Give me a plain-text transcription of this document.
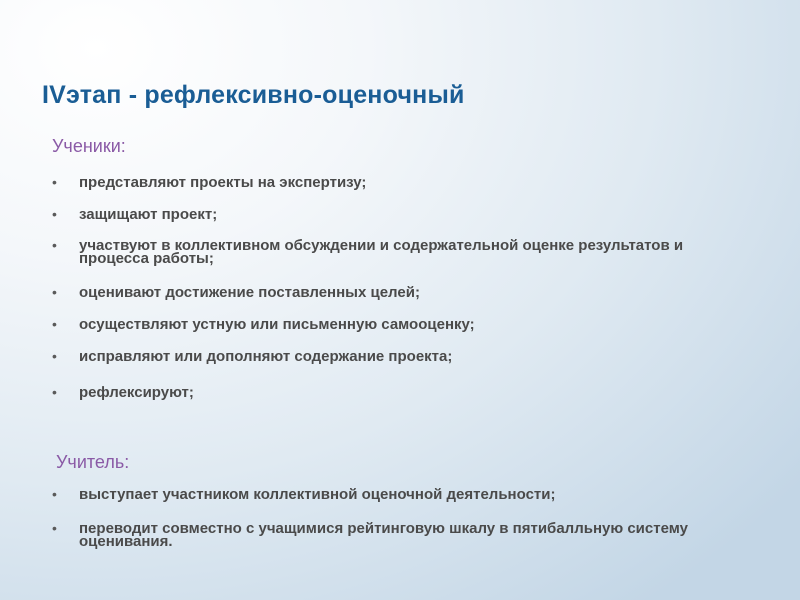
IVэтап - рефлексивно-оценочный
Ученики:
• представляют проекты на экспертизу;
• защищают проект;
• участвуют в коллективном обсуждении и содержательной оценке результатов и процесса работы;
• оценивают достижение поставленных целей;
• осуществляют устную или письменную самооценку;
• исправляют или дополняют содержание проекта;
• рефлексируют;
Учитель:
• выступает участником коллективной оценочной деятельности;
• переводит совместно с учащимися рейтинговую шкалу в пятибалльную систему оценивания.
